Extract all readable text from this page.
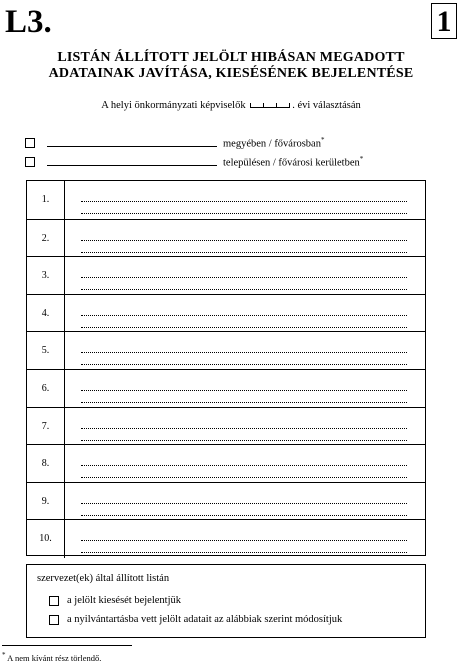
L3.	1
LISTÁN ÁLLÍTOTT JELÖLT HIBÁSAN MEGADOTT
ADATAINAK JAVÍTÁSA, KIESÉSÉNEK BEJELENTÉSE
A helyi önkormányzati képviselők	. évi választásán
megyében / fővárosban*
településen / fővárosi kerületben*
1.
2.
3.
4.
5.
6.
7.
8.
9.
10.
szervezet(ek) által állított listán
a jelölt kiesését bejelentjük
a nyilvántartásba vett jelölt adatait az alábbiak szerint módosítjuk
* A nem kívánt rész törlendő.
